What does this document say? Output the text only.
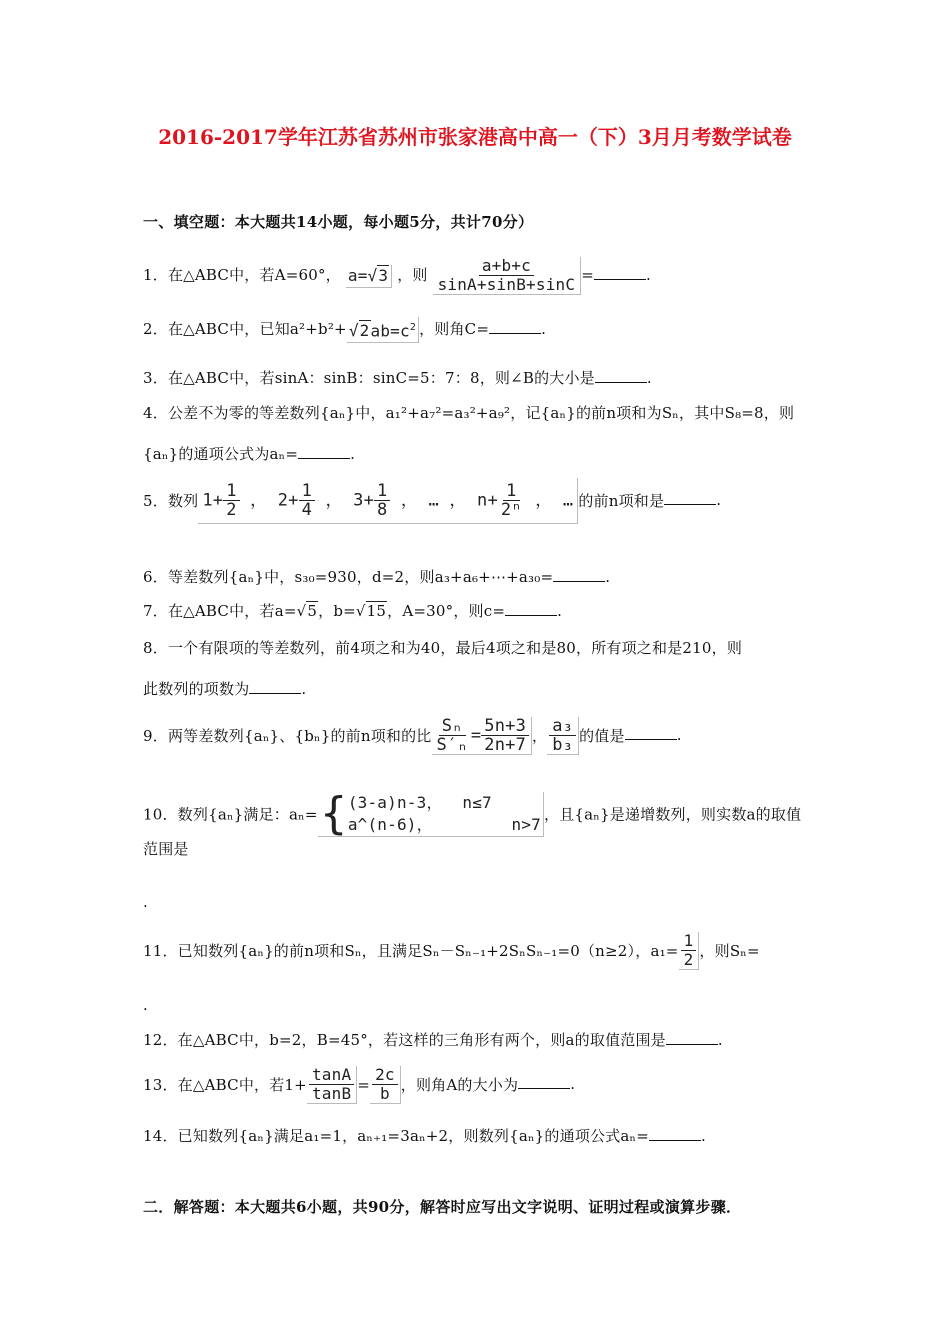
2016-2017学年江苏省苏州市张家港高中高一（下）3月月考数学试卷
一、填空题：本大题共14小题，每小题5分，共计70分）
1．在△ABC中，若A=60°， a=√3 ，则 $\frac{a+b+c}{\sin A+\sin B+\sin C}$ =	.
2．在△ABC中，已知$a^2+b^2+ √2ab=c^2$ ，则角C=	.
3．在△ABC中，若sinA：sinB：sinC=5：7：8，则∠B的大小是	.
4．公差不为零的等差数列{aₙ}中，a₁²+a₇²=a₃²+a₉²，记{aₙ}的前n项和为Sₙ，其中S₈=8，则
{aₙ}的通项公式为aₙ=	.
5．数列 $1+ \frac{1}{2}$ ， $2+ \frac{1}{4}$ ， $3+ \frac{1}{8}$ ， … ， $n+ \frac{1}{\text{2ⁿ}}$ ， … 的前n项和是	.
6．等差数列{aₙ}中，s₃₀=930，d=2，则a₃+a₆+⋯+a₃₀=	.
7．在△ABC中，若a=√5，b=√15，A=30°，则c=	.
8．一个有限项的等差数列，前4项之和为40，最后4项之和是80，所有项之和是210，则
此数列的项数为	.
9．两等差数列{aₙ}、{bₙ}的前n项和的比 $\frac{\text{Sₙ}}{\text{S′ₙ}} = \frac{5n+3}{2n+7}$ ， $\frac{\text{a₃}}{\text{b₃}}$ 的值是	.
10．数列{aₙ}满足：aₙ={(3-a)n-3， n≤7
a^(n-6)，	n>7，且{aₙ}是递增数列，则实数a的取值范围是
.
11．已知数列{aₙ}的前n项和Sₙ，且满足Sₙ－Sₙ₋₁+2SₙSₙ₋₁=0（n≥2），$a_1= \frac{1}{2}$ ，则Sₙ=
.
12．在△ABC中，b=2，B=45°，若这样的三角形有两个，则a的取值范围是	.
13．在△ABC中，若$1+ \frac{\tan A}{\tan B} = \frac{2c}{b}$ ，则角A的大小为	.
14．已知数列{aₙ}满足a₁=1，aₙ₊₁=3aₙ+2，则数列{aₙ}的通项公式aₙ=	.
二．解答题：本大题共6小题，共90分，解答时应写出文字说明、证明过程或演算步骤．
